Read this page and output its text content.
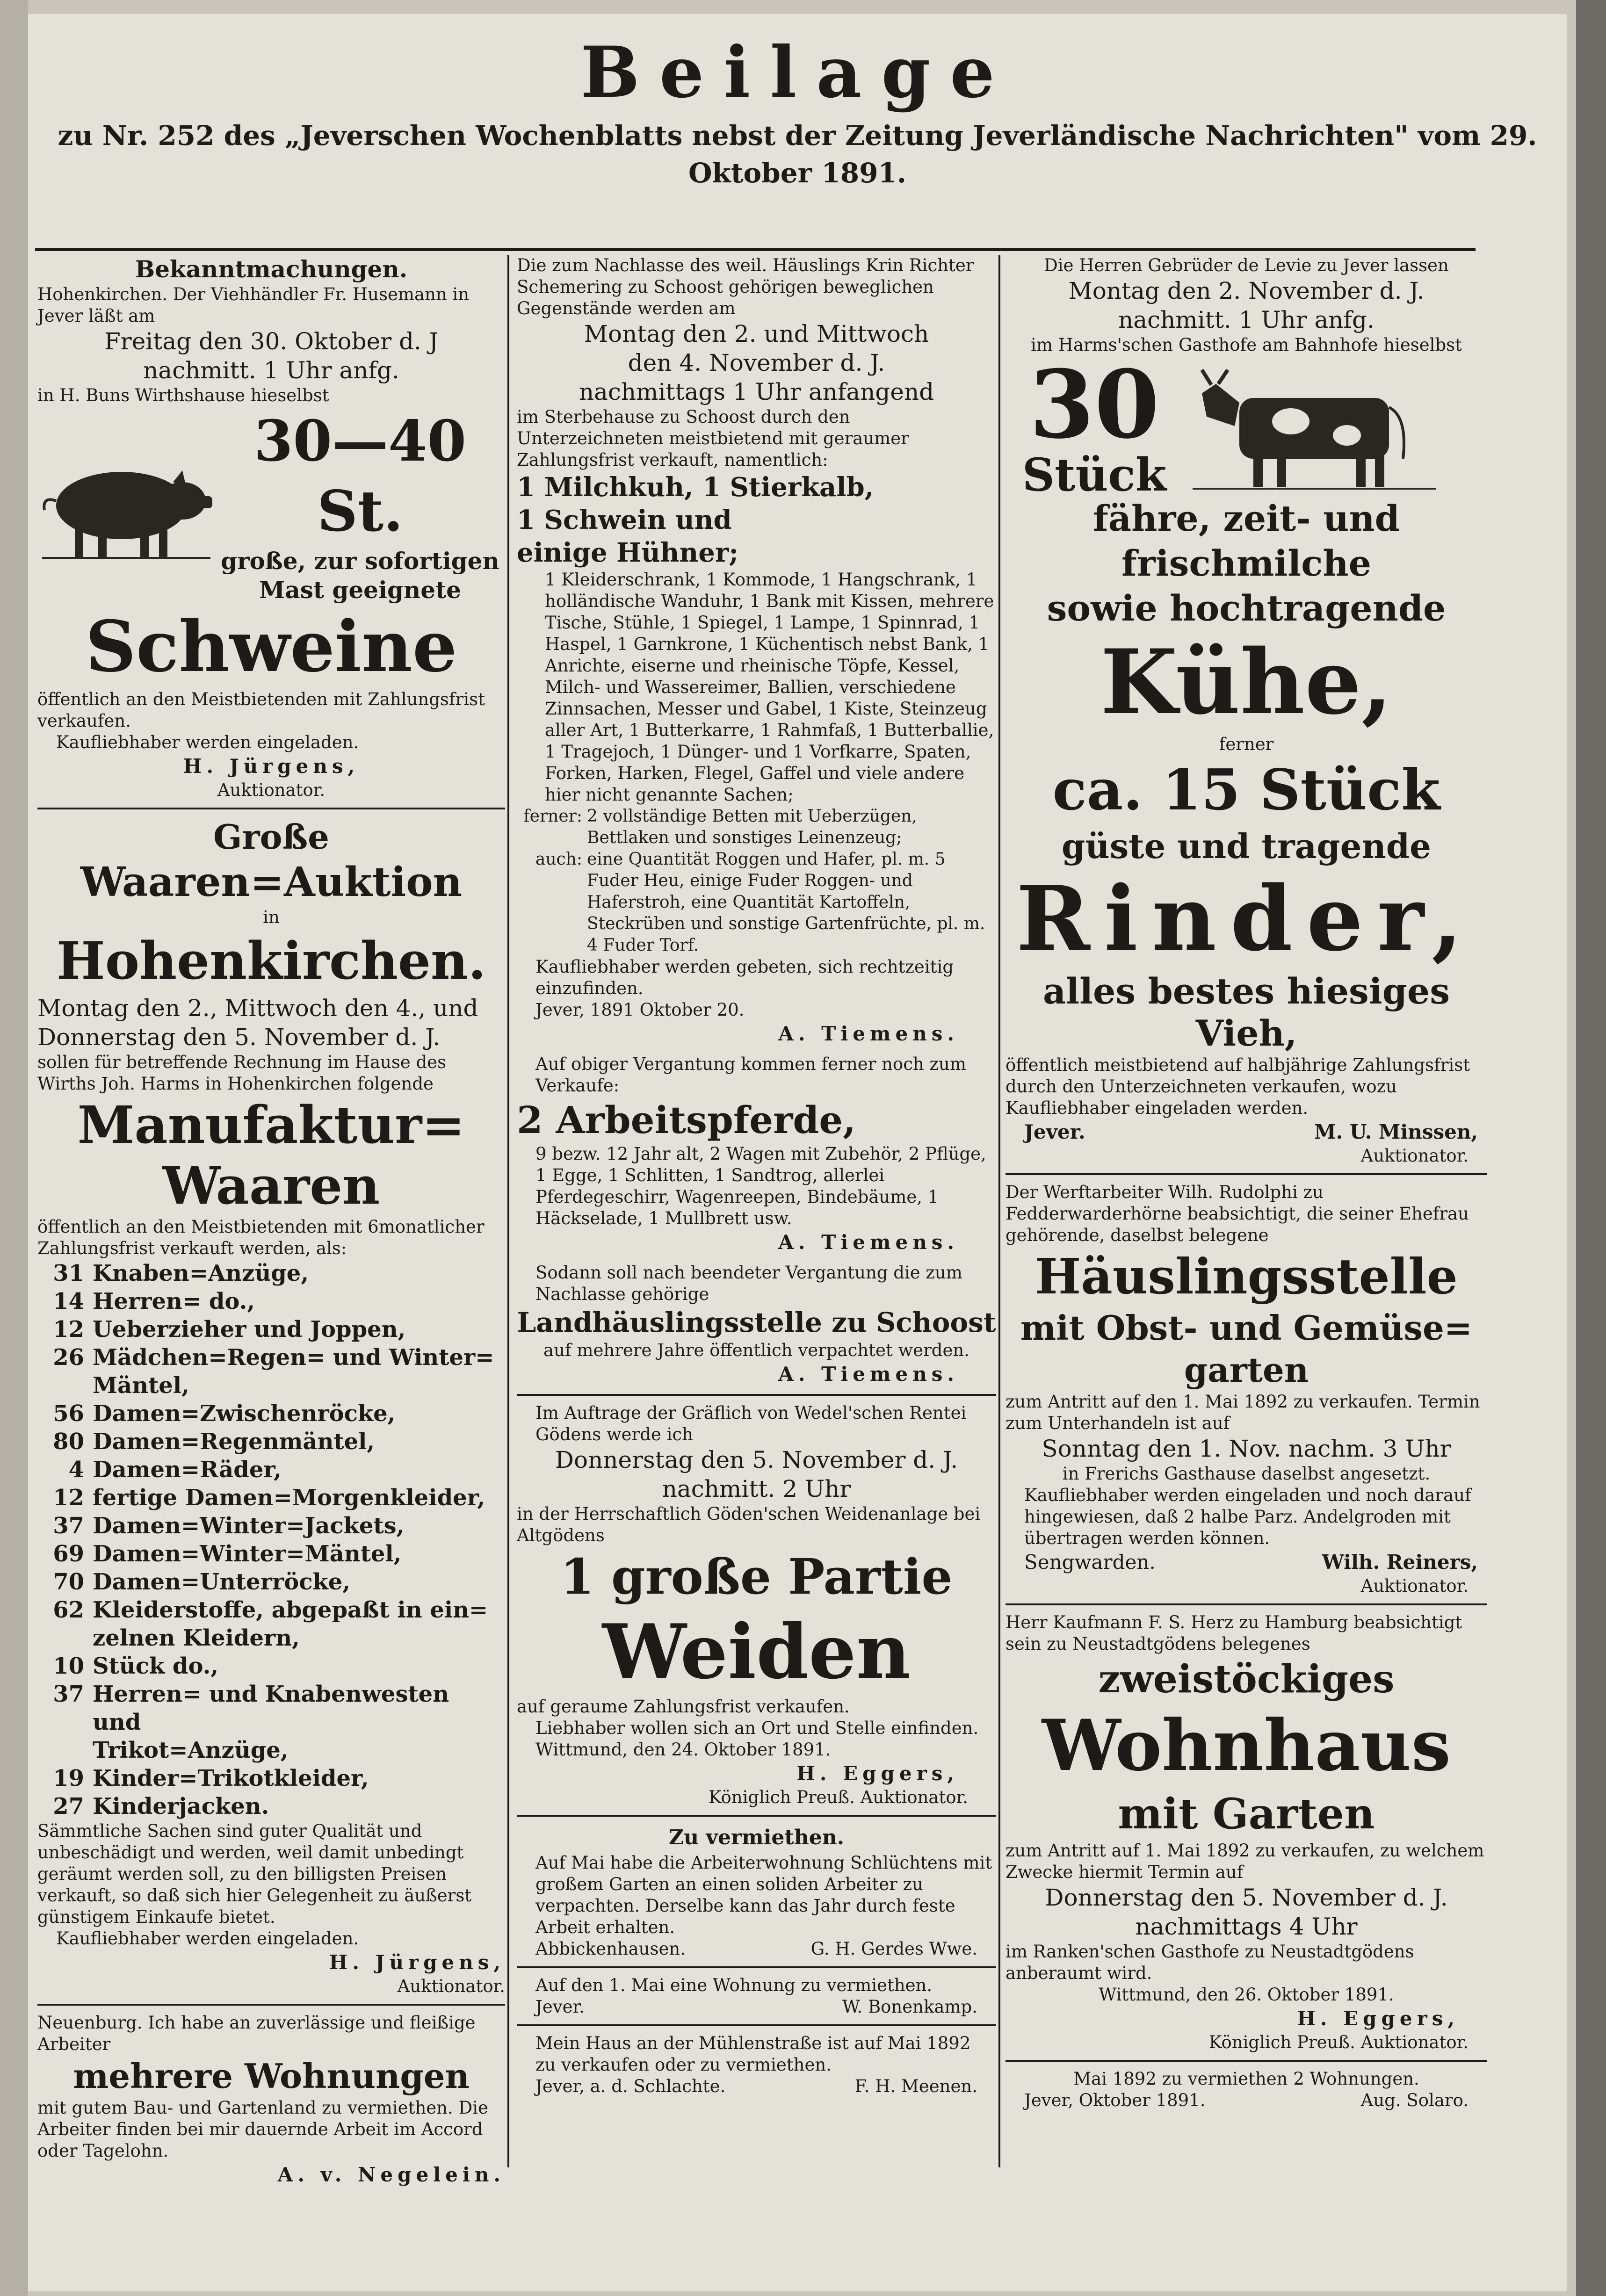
Beilage
zu Nr. 252 des „Jeverschen Wochenblatts nebst der Zeitung Jeverländische Nachrichten" vom 29. Oktober 1891.
Bekanntmachungen.
Hohenkirchen. Der Viehhändler Fr. Husemann in Jever läßt am
Freitag den 30. Oktober d. J
nachmitt. 1 Uhr anfg.
in H. Buns Wirthshause hieselbst
30—40 St.
große, zur sofortigen
Mast geeignete
Schweine
öffentlich an den Meistbietenden mit Zahlungsfrist verkaufen.
Kaufliebhaber werden eingeladen.
H. Jürgens,
Auktionator.
Große
Waaren=Auktion
in
Hohenkirchen.
Montag den 2., Mittwoch den 4., und
Donnerstag den 5. November d. J.
sollen für betreffende Rechnung im Hause des Wirths Joh. Harms in Hohenkirchen folgende
Manufaktur=
Waaren
öffentlich an den Meistbietenden mit 6monatlicher Zahlungsfrist verkauft werden, als:
31 Knaben=Anzüge,
14 Herren= do.,
12 Ueberzieher und Joppen,
26 Mädchen=Regen= und Winter=
Mäntel,
56 Damen=Zwischenröcke,
80 Damen=Regenmäntel,
4 Damen=Räder,
12 fertige Damen=Morgenkleider,
37 Damen=Winter=Jackets,
69 Damen=Winter=Mäntel,
70 Damen=Unterröcke,
62 Kleiderstoffe, abgepaßt in ein=
zelnen Kleidern,
10 Stück do.,
37 Herren= und Knabenwesten und
Trikot=Anzüge,
19 Kinder=Trikotkleider,
27 Kinderjacken.
Sämmtliche Sachen sind guter Qualität und unbeschädigt und werden, weil damit unbedingt geräumt werden soll, zu den billigsten Preisen verkauft, so daß sich hier Gelegenheit zu äußerst günstigem Einkaufe bietet.
Kaufliebhaber werden eingeladen.
H. Jürgens,
Auktionator.
Neuenburg. Ich habe an zuverlässige und fleißige Arbeiter
mehrere Wohnungen
mit gutem Bau- und Gartenland zu vermiethen. Die Arbeiter finden bei mir dauernde Arbeit im Accord oder Tagelohn.
A. v. Negelein.
Die zum Nachlasse des weil. Häuslings Krin Richter Schemering zu Schoost gehörigen beweglichen Gegenstände werden am
Montag den 2. und Mittwoch
den 4. November d. J.
nachmittags 1 Uhr anfangend
im Sterbehause zu Schoost durch den Unterzeichneten meistbietend mit geraumer Zahlungsfrist verkauft, namentlich:
1 Milchkuh, 1 Stierkalb,
1 Schwein und
einige Hühner;
1 Kleiderschrank, 1 Kommode, 1 Hangschrank, 1 holländische Wanduhr, 1 Bank mit Kissen, mehrere Tische, Stühle, 1 Spiegel, 1 Lampe, 1 Spinnrad, 1 Haspel, 1 Garnkrone, 1 Küchentisch nebst Bank, 1 Anrichte, eiserne und rheinische Töpfe, Kessel, Milch- und Wassereimer, Ballien, verschiedene Zinnsachen, Messer und Gabel, 1 Kiste, Steinzeug aller Art, 1 Butterkarre, 1 Rahmfaß, 1 Butterballie, 1 Tragejoch, 1 Dünger- und 1 Vorfkarre, Spaten, Forken, Harken, Flegel, Gaffel und viele andere hier nicht genannte Sachen;
ferner: 2 vollständige Betten mit Ueberzügen, Bettlaken und sonstiges Leinenzeug;
auch: eine Quantität Roggen und Hafer, pl. m. 5 Fuder Heu, einige Fuder Roggen- und Haferstroh, eine Quantität Kartoffeln, Steckrüben und sonstige Gartenfrüchte, pl. m. 4 Fuder Torf.
Kaufliebhaber werden gebeten, sich rechtzeitig einzufinden.
Jever, 1891 Oktober 20.
A. Tiemens.
Auf obiger Vergantung kommen ferner noch zum Verkaufe:
2 Arbeitspferde,
9 bezw. 12 Jahr alt, 2 Wagen mit Zubehör, 2 Pflüge, 1 Egge, 1 Schlitten, 1 Sandtrog, allerlei Pferdegeschirr, Wagenreepen, Bindebäume, 1 Häckselade, 1 Mullbrett usw.
A. Tiemens.
Sodann soll nach beendeter Vergantung die zum Nachlasse gehörige
Landhäuslingsstelle zu Schoost
auf mehrere Jahre öffentlich verpachtet werden.
A. Tiemens.
Im Auftrage der Gräflich von Wedel'schen Rentei Gödens werde ich
Donnerstag den 5. November d. J.
nachmitt. 2 Uhr
in der Herrschaftlich Göden'schen Weidenanlage bei Altgödens
1 große Partie
Weiden
auf geraume Zahlungsfrist verkaufen.
Liebhaber wollen sich an Ort und Stelle einfinden.
Wittmund, den 24. Oktober 1891.
H. Eggers,
Königlich Preuß. Auktionator.
Zu vermiethen.
Auf Mai habe die Arbeiterwohnung Schlüchtens mit großem Garten an einen soliden Arbeiter zu verpachten. Derselbe kann das Jahr durch feste Arbeit erhalten.
Abbickenhausen.	G. H. Gerdes Wwe.
Auf den 1. Mai eine Wohnung zu vermiethen.
Jever.	W. Bonenkamp.
Mein Haus an der Mühlenstraße ist auf Mai 1892 zu verkaufen oder zu vermiethen.
Jever, a. d. Schlachte.	F. H. Meenen.
Die Herren Gebrüder de Levie zu Jever lassen
Montag den 2. November d. J.
nachmitt. 1 Uhr anfg.
im Harms'schen Gasthofe am Bahnhofe hieselbst
30
Stück
fähre, zeit- und frischmilche
sowie hochtragende
Kühe,
ferner
ca. 15 Stück
güste und tragende
Rinder,
alles bestes hiesiges Vieh,
öffentlich meistbietend auf halbjährige Zahlungsfrist durch den Unterzeichneten verkaufen, wozu Kaufliebhaber eingeladen werden.
Jever.	M. U. Minssen,
Auktionator.
Der Werftarbeiter Wilh. Rudolphi zu Fedderwarderhörne beabsichtigt, die seiner Ehefrau gehörende, daselbst belegene
Häuslingsstelle
mit Obst- und Gemüse=
garten
zum Antritt auf den 1. Mai 1892 zu verkaufen. Termin zum Unterhandeln ist auf
Sonntag den 1. Nov. nachm. 3 Uhr
in Frerichs Gasthause daselbst angesetzt.
Kaufliebhaber werden eingeladen und noch darauf hingewiesen, daß 2 halbe Parz. Andelgroden mit übertragen werden können.
Sengwarden.	Wilh. Reiners,
Auktionator.
Herr Kaufmann F. S. Herz zu Hamburg beabsichtigt sein zu Neustadtgödens belegenes
zweistöckiges
Wohnhaus
mit Garten
zum Antritt auf 1. Mai 1892 zu verkaufen, zu welchem Zwecke hiermit Termin auf
Donnerstag den 5. November d. J.
nachmittags 4 Uhr
im Ranken'schen Gasthofe zu Neustadtgödens anberaumt wird.
Wittmund, den 26. Oktober 1891.
H. Eggers,
Königlich Preuß. Auktionator.
Mai 1892 zu vermiethen 2 Wohnungen.
Jever, Oktober 1891.	Aug. Solaro.
